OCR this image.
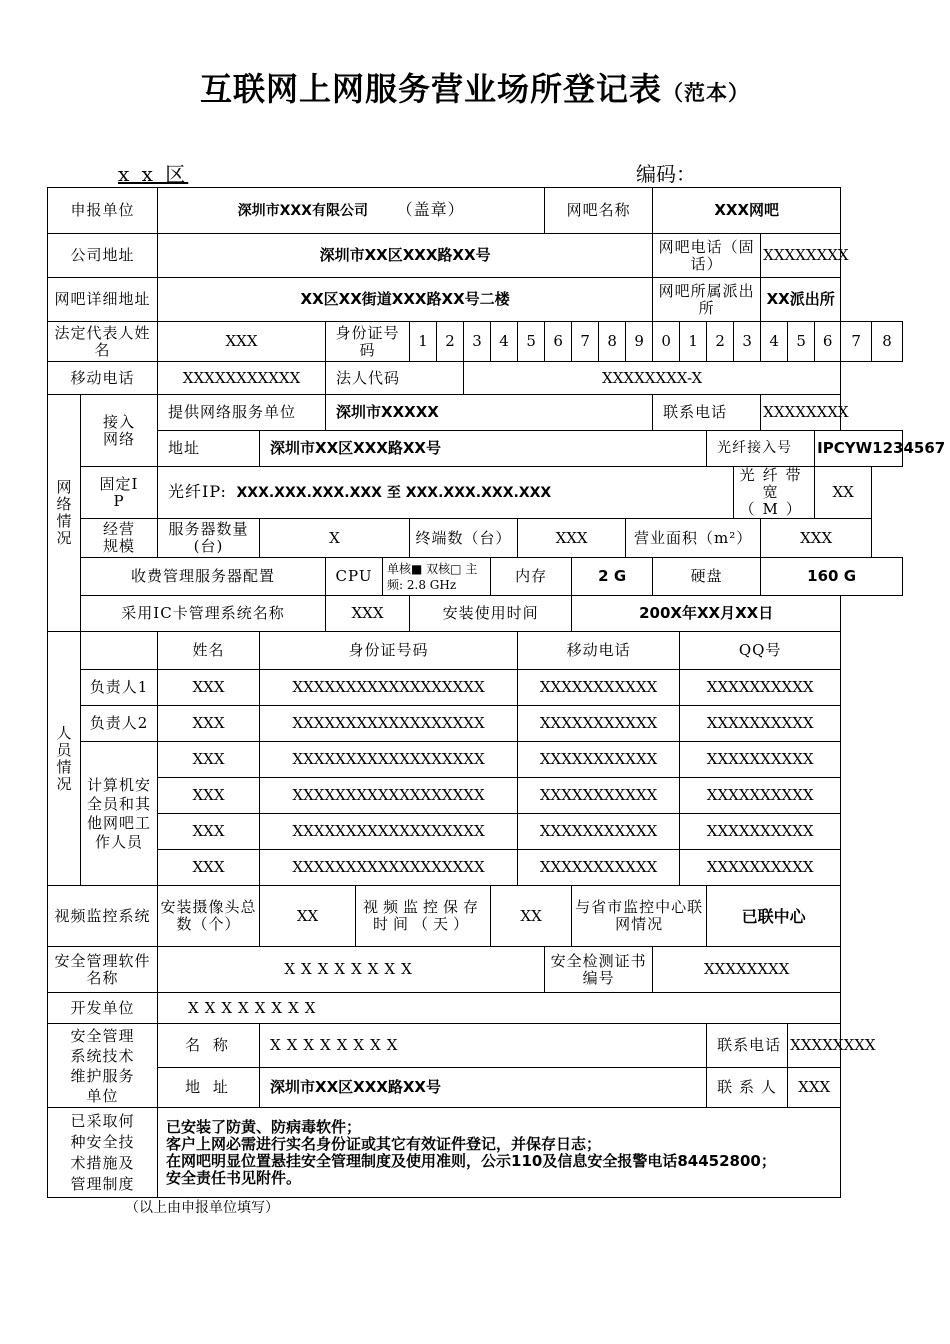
互联网上网服务营业场所登记表（范本）
x x 区	编码：
申报单位		深圳市XXX有限公司 （盖章）										网吧名称				XXX网吧								
公司地址		深圳市XX区XXX路XX号														网吧电话（固话）				XXXXXXXX				
网吧详细地址		XX区XX街道XXX路XX号二楼														网吧所属派出所				XX派出所				
法定代表人姓名		XXX		身份证号 码			1	2	3	4	5	6	7	8	9	0	1	2	3	4	5	6	7	8
移动电话		XXXXXXXXXXX		法人代码					XXXXXXXX-X															

网络情况	接入网络	提供网络服务单位		深圳市XXXXX												联系电话				XXXXXXXX				
		地址	深圳市XX区XXX路XX号															光纤接入号				IPCYW1234567		

	固定IP	光纤IP: XXX.XXX.XXX.XXX 至 XXX.XXX.XXX.XXX																	光纤带宽（M）			XX		

	经营规模	服务器数量(台)	X				终端数（台）				XXX				营业面积（m²）					XXX				
	收费管理服务器配置			CPU		单核■ 双核□ 主频: 2.8 GHz				内存			2 G			硬盘				160 G				
	采用IC卡管理系统名称			XXX			安装使用时间						200X年XX月XX日											

人员情况		姓名	身份证号码								移动电话						QQ号							
	负责人1	XXX	XXXXXXXXXXXXXXXXXX								XXXXXXXXXXX						XXXXXXXXXX							
	负责人2	XXX	XXXXXXXXXXXXXXXXXX								XXXXXXXXXXX						XXXXXXXXXX							

	计算机安全员和其他网吧工作人员	XXX	XXXXXXXXXXXXXXXXXX								XXXXXXXXXXX						XXXXXXXXXX							
		XXX	XXXXXXXXXXXXXXXXXX								XXXXXXXXXXX						XXXXXXXXXX							
		XXX	XXXXXXXXXXXXXXXXXX								XXXXXXXXXXX						XXXXXXXXXX							
		XXX	XXXXXXXXXXXXXXXXXX								XXXXXXXXXXX						XXXXXXXXXX							
视频监控系统		安装摄像头总数（个）	XX		视频监控保存时间（天）					XX			与省市监控中心联网情况					已联中心						
安全管理软件名称		XXXXXXXX										安全检测证书编号				XXXXXXXX								
开发单位		XXXXXXXX																						

安全管理系统技术维护服务单位		名 称	XXXXXXXX															联系电话			XXXXXXXX			
		地 址	深圳市XX区XXX路XX号															联 系 人			XXX			

已采取何种安全技术措施及管理制度		已安装了防黄、防病毒软件；
客户上网必需进行实名身份证或其它有效证件登记，并保存日志；
在网吧明显位置悬挂安全管理制度及使用准则，公示110及信息安全报警电话84452800；
安全责任书见附件。																						
（以上由申报单位填写）
